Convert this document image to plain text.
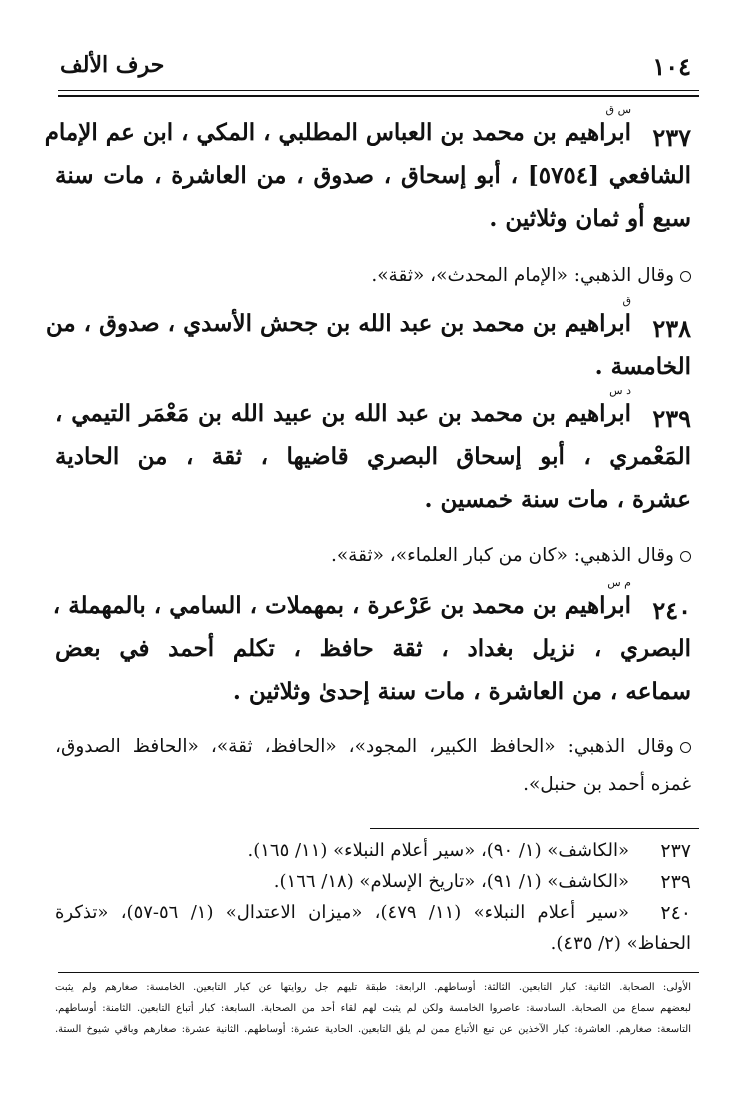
١٠٤
حرف الألف
٢٣٧
س ق
ابراهيم بن محمد بن العباس المطلبي ، المكي ، ابن عم الإمام
الشافعي [٥٧٥٤] ، أبو إسحاق ، صدوق ، من العاشرة ، مات سنة
سبع أو ثمان وثلاثين .
وقال الذهبي: «الإمام المحدث»، «ثقة».
٢٣٨
ق
ابراهيم بن محمد بن عبد الله بن جحش الأسدي ، صدوق ، من
الخامسة .
٢٣٩
د س
ابراهيم بن محمد بن عبد الله بن عبيد الله بن مَعْمَر التيمي ،
المَعْمري ، أبو إسحاق البصري قاضيها ، ثقة ، من الحادية
عشرة ، مات سنة خمسين .
وقال الذهبي: «كان من كبار العلماء»، «ثقة».
٢٤٠
م س
ابراهيم بن محمد بن عَرْعرة ، بمهملات ، السامي ، بالمهملة ،
البصري ، نزيل بغداد ، ثقة حافظ ، تكلم أحمد في بعض
سماعه ، من العاشرة ، مات سنة إحدىٰ وثلاثين .
وقال الذهبي: «الحافظ الكبير، المجود»، «الحافظ، ثقة»، «الحافظ الصدوق،
غمزه أحمد بن حنبل».
٢٣٧
«الكاشف» (١/ ٩٠)، «سير أعلام النبلاء» (١١/ ١٦٥).
٢٣٩
«الكاشف» (١/ ٩١)، «تاريخ الإسلام» (١٨/ ١٦٦).
٢٤٠
«سير أعلام النبلاء» (١١/ ٤٧٩)، «ميزان الاعتدال» (١/ ٥٦-٥٧)، «تذكرة
الحفاظ» (٢/ ٤٣٥).
الأولى: الصحابة. الثانية: كبار التابعين. الثالثة: أوساطهم. الرابعة: طبقة تليهم جل روايتها عن كبار التابعين. الخامسة: صغارهم ولم يثبت
لبعضهم سماع من الصحابة. السادسة: عاصروا الخامسة ولكن لم يثبت لهم لقاء أحد من الصحابة. السابعة: كبار أتباع التابعين. الثامنة: أوساطهم.
التاسعة: صغارهم. العاشرة: كبار الآخذين عن تبع الأتباع ممن لم يلق التابعين. الحادية عشرة: أوساطهم. الثانية عشرة: صغارهم وباقي شيوخ الستة.
